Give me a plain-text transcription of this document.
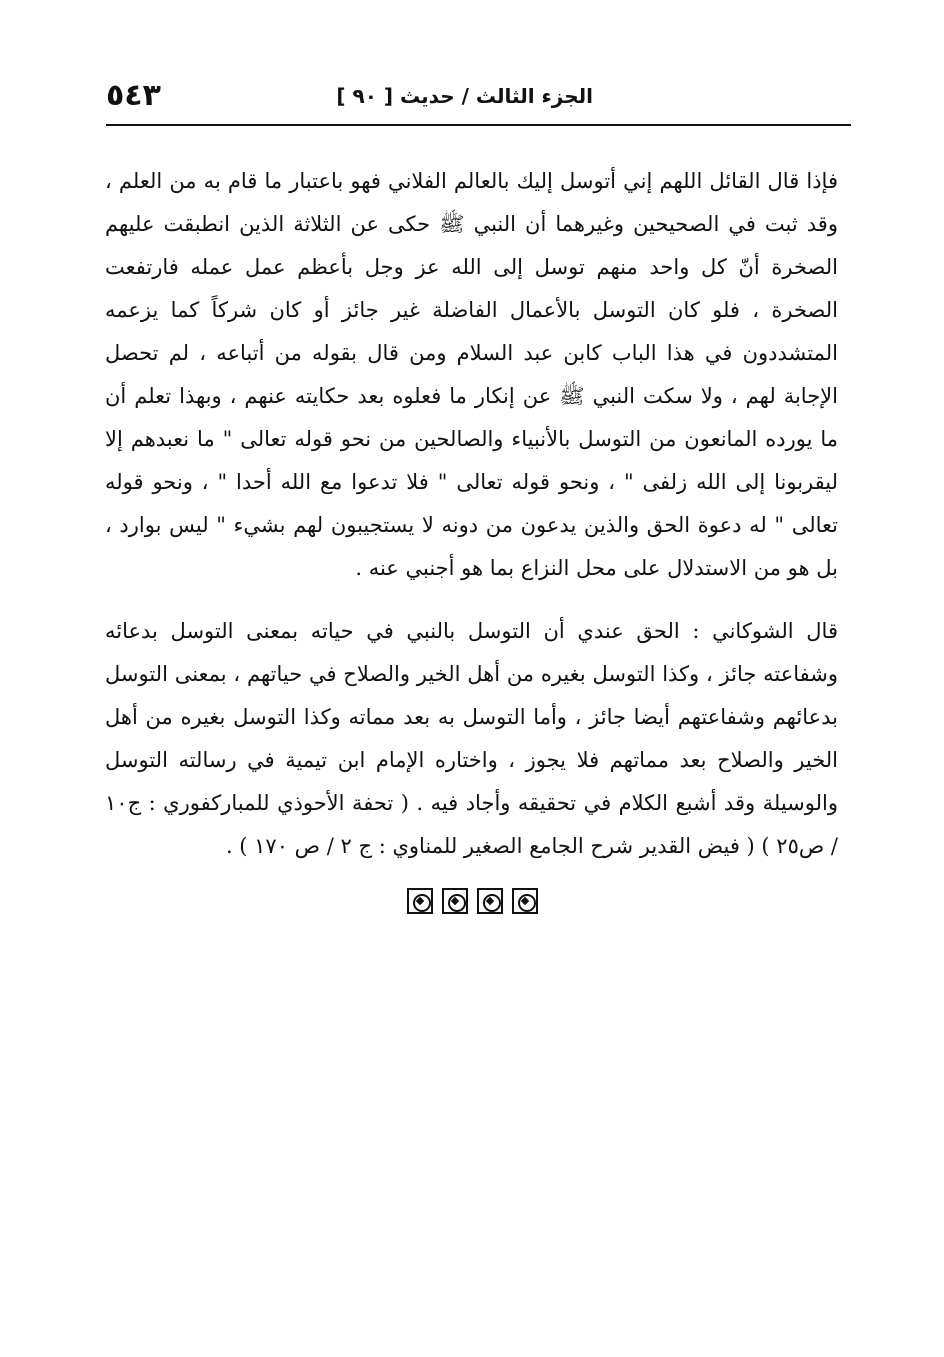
الجزء الثالث / حديث [ ٩٠ ]
٥٤٣

فإذا قال القائل اللهم إني أتوسل إليك بالعالم الفلاني فهو باعتبار ما قام به من العلم ، وقد ثبت في الصحيحين وغيرهما أن النبي ﷺ حكى عن الثلاثة الذين انطبقت عليهم الصخرة أنّ كل واحد منهم توسل إلى الله عز وجل بأعظم عمل عمله فارتفعت الصخرة ، فلو كان التوسل بالأعمال الفاضلة غير جائز أو كان شركاً كما يزعمه المتشددون في هذا الباب كابن عبد السلام ومن قال بقوله من أتباعه ، لم تحصل الإجابة لهم ، ولا سكت النبي ﷺ عن إنكار ما فعلوه بعد حكايته عنهم ، وبهذا تعلم أن ما يورده المانعون من التوسل بالأنبياء والصالحين من نحو قوله تعالى " ما نعبدهم إلا ليقربونا إلى الله زلفى " ، ونحو قوله تعالى " فلا تدعوا مع الله أحدا " ، ونحو قوله تعالى " له دعوة الحق والذين يدعون من دونه لا يستجيبون لهم بشيء " ليس بوارد ، بل هو من الاستدلال على محل النزاع بما هو أجنبي عنه .

قال الشوكاني : الحق عندي أن التوسل بالنبي في حياته بمعنى التوسل بدعائه وشفاعته جائز ، وكذا التوسل بغيره من أهل الخير والصلاح في حياتهم ، بمعنى التوسل بدعائهم وشفاعتهم أيضا جائز ، وأما التوسل به بعد مماته وكذا التوسل بغيره من أهل الخير والصلاح بعد مماتهم فلا يجوز ، واختاره الإمام ابن تيمية في رسالته التوسل والوسيلة وقد أشبع الكلام في تحقيقه وأجاد فيه . ( تحفة الأحوذي للمباركفوري : ج١٠ / ص٢٥ ) ( فيض القدير شرح الجامع الصغير للمناوي : ج ٢ / ص ١٧٠ ) .
